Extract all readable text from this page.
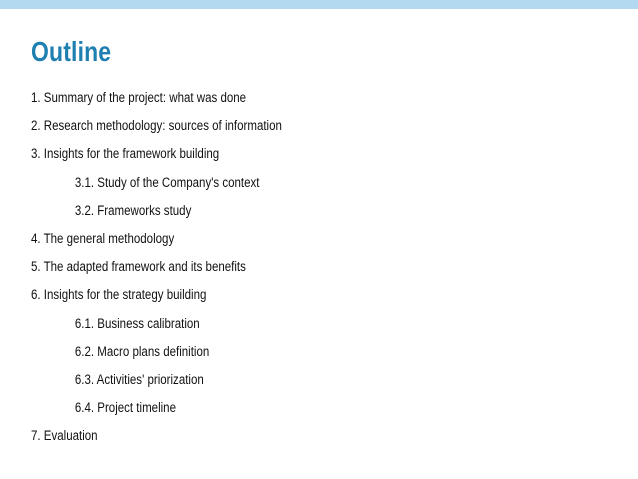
Outline
1. Summary of the project: what was done
2. Research methodology: sources of information
3. Insights for the framework building
3.1. Study of the Company's context
3.2. Frameworks study
4. The general methodology
5. The adapted framework and its benefits
6. Insights for the strategy building
6.1. Business calibration
6.2. Macro plans definition
6.3. Activities' priorization
6.4. Project timeline
7. Evaluation
